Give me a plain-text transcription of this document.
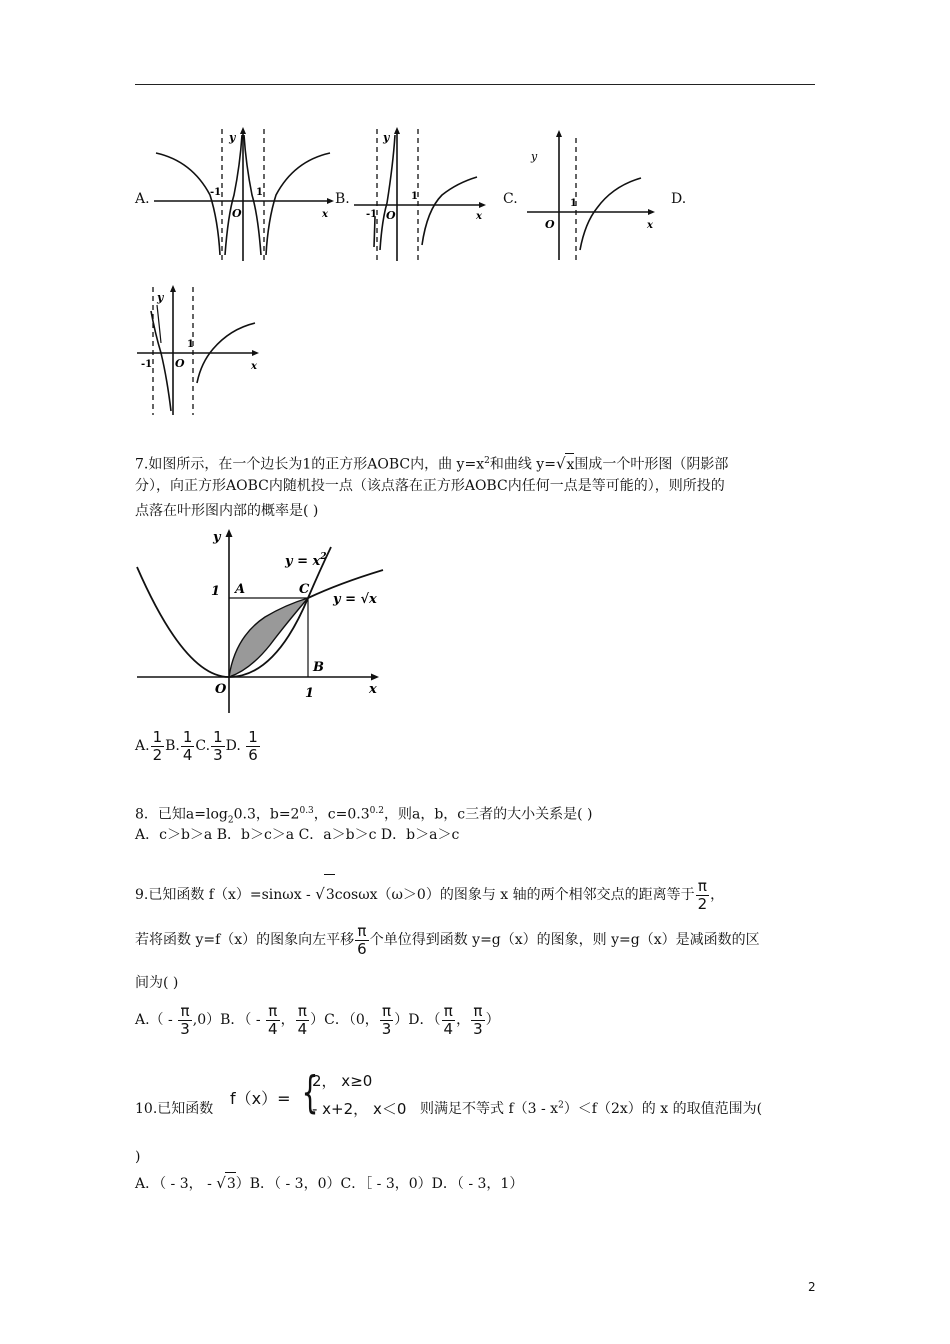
A.
y
-1	1
O	x
B.
y
-1
1
O	x
C.
y
1
O	x
D.
y
-1
1
O	x
7.如图所示，在一个边长为1的正方形AOBC内，曲 $y=x^2$和曲线 y=√x围成一个叶形图（阴影部
分），向正方形AOBC内随机投一点（该点落在正方形AOBC内任何一点是等可能的），则所投的
点落在叶形图内部的概率是( )
y
x
O
A	C
B
1
1
$y = x^2$
y = √x
A. $\frac{1}{2} B$. $\frac{1}{4} C$. $\frac{1}{3} D$. $\frac{1}{6}$
8．已知$a=\log_20.3$，$b=2^{0.3}$，$c=0.3^{0.2}$，则a，b，c三者的大小关系是( )
A．c＞b＞a B．b＞c＞a C．a＞b＞c D．b＞a＞c
9.已知函数 f（x）=sinωx - √3cosωx（ω＞0）的图象与 x 轴的两个相邻交点的距离等于 $\frac{\pi}{2}$ ，
若将函数 y=f（x）的图象向左平移 $\frac{\pi}{6}$ 个单位得到函数 y=g（x）的图象，则 y=g（x）是减函数的区
间为( )
$A.( - \frac{\pi}{3} ,0)B$．（ - $\frac{\pi}{4}$ ， $\frac{\pi}{4} )C$．（0， $\frac{\pi}{3} )D$．（ $\frac{\pi}{4}$ ， $\frac{\pi}{3}$ ）
10.已知函数
f（x）= {
2， x≥0
- x+2， x＜0 则满足不等式 $f(3 - x^2)<f(2x)$的 x 的取值范围为(
)
A．（ - 3， - √3）B．（ - 3，0）C．［ - 3，0）D．（ - 3，1）
2
